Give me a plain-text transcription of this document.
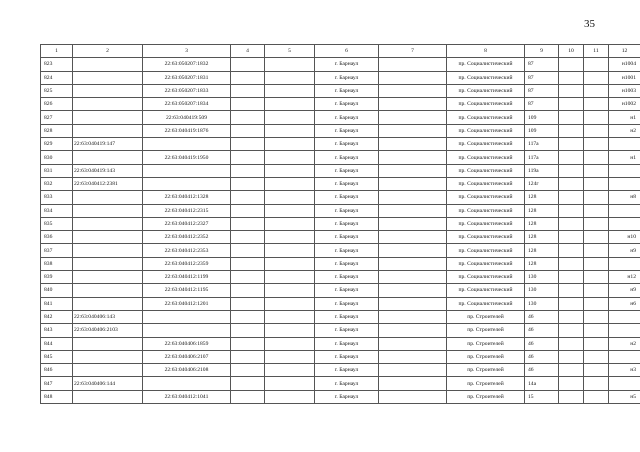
35
1	2	3	4	5	6	7	8	9	10	11	12
823		22:63:050207:1832			г. Барнаул		пр. Социалистический	87			н1004
824		22:63:050207:1831			г. Барнаул		пр. Социалистический	87			н1001
825		22:63:050207:1833			г. Барнаул		пр. Социалистический	87			н1003
826		22:63:050207:1834			г. Барнаул		пр. Социалистический	87			н1002
827		22:63:040419:509			г. Барнаул		пр. Социалистический	109			н1
828		22:63:040419:1876			г. Барнаул		пр. Социалистический	109			н2
829	22:63:040419:147				г. Барнаул		пр. Социалистический	117а			
830		22:63:040419:1950			г. Барнаул		пр. Социалистический	117а			н1
831	22:63:040419:143				г. Барнаул		пр. Социалистический	119а			
832	22:63:040412:2381				г. Барнаул		пр. Социалистический	124г			
833		22:63:040412:1328			г. Барнаул		пр. Социалистический	128			н8
834		22:63:040412:2315			г. Барнаул		пр. Социалистический	128			
835		22:63:040412:2327			г. Барнаул		пр. Социалистический	128			
836		22:63:040412:2352			г. Барнаул		пр. Социалистический	128			н10
837		22:63:040412:2353			г. Барнаул		пр. Социалистический	128			н9
838		22:63:040412:2359			г. Барнаул		пр. Социалистический	128			
839		22:63:040412:1199			г. Барнаул		пр. Социалистический	130			н12
840		22:63:040412:1195			г. Барнаул		пр. Социалистический	130			н9
841		22:63:040412:1201			г. Барнаул		пр. Социалистический	130			н6
842	22:63:040406:143				г. Барнаул		пр. Строителей	46			
843	22:63:040406:2103				г. Барнаул		пр. Строителей	46			
844		22:63:040406:1859			г. Барнаул		пр. Строителей	46			н2
845		22:63:040406:2107			г. Барнаул		пр. Строителей	46			
846		22:63:040406:2108			г. Барнаул		пр. Строителей	46			н3
847	22:63:040406:144				г. Барнаул		пр. Строителей	14а			
848		22:63:040412:1041			г. Барнаул		пр. Строителей	15			н5
